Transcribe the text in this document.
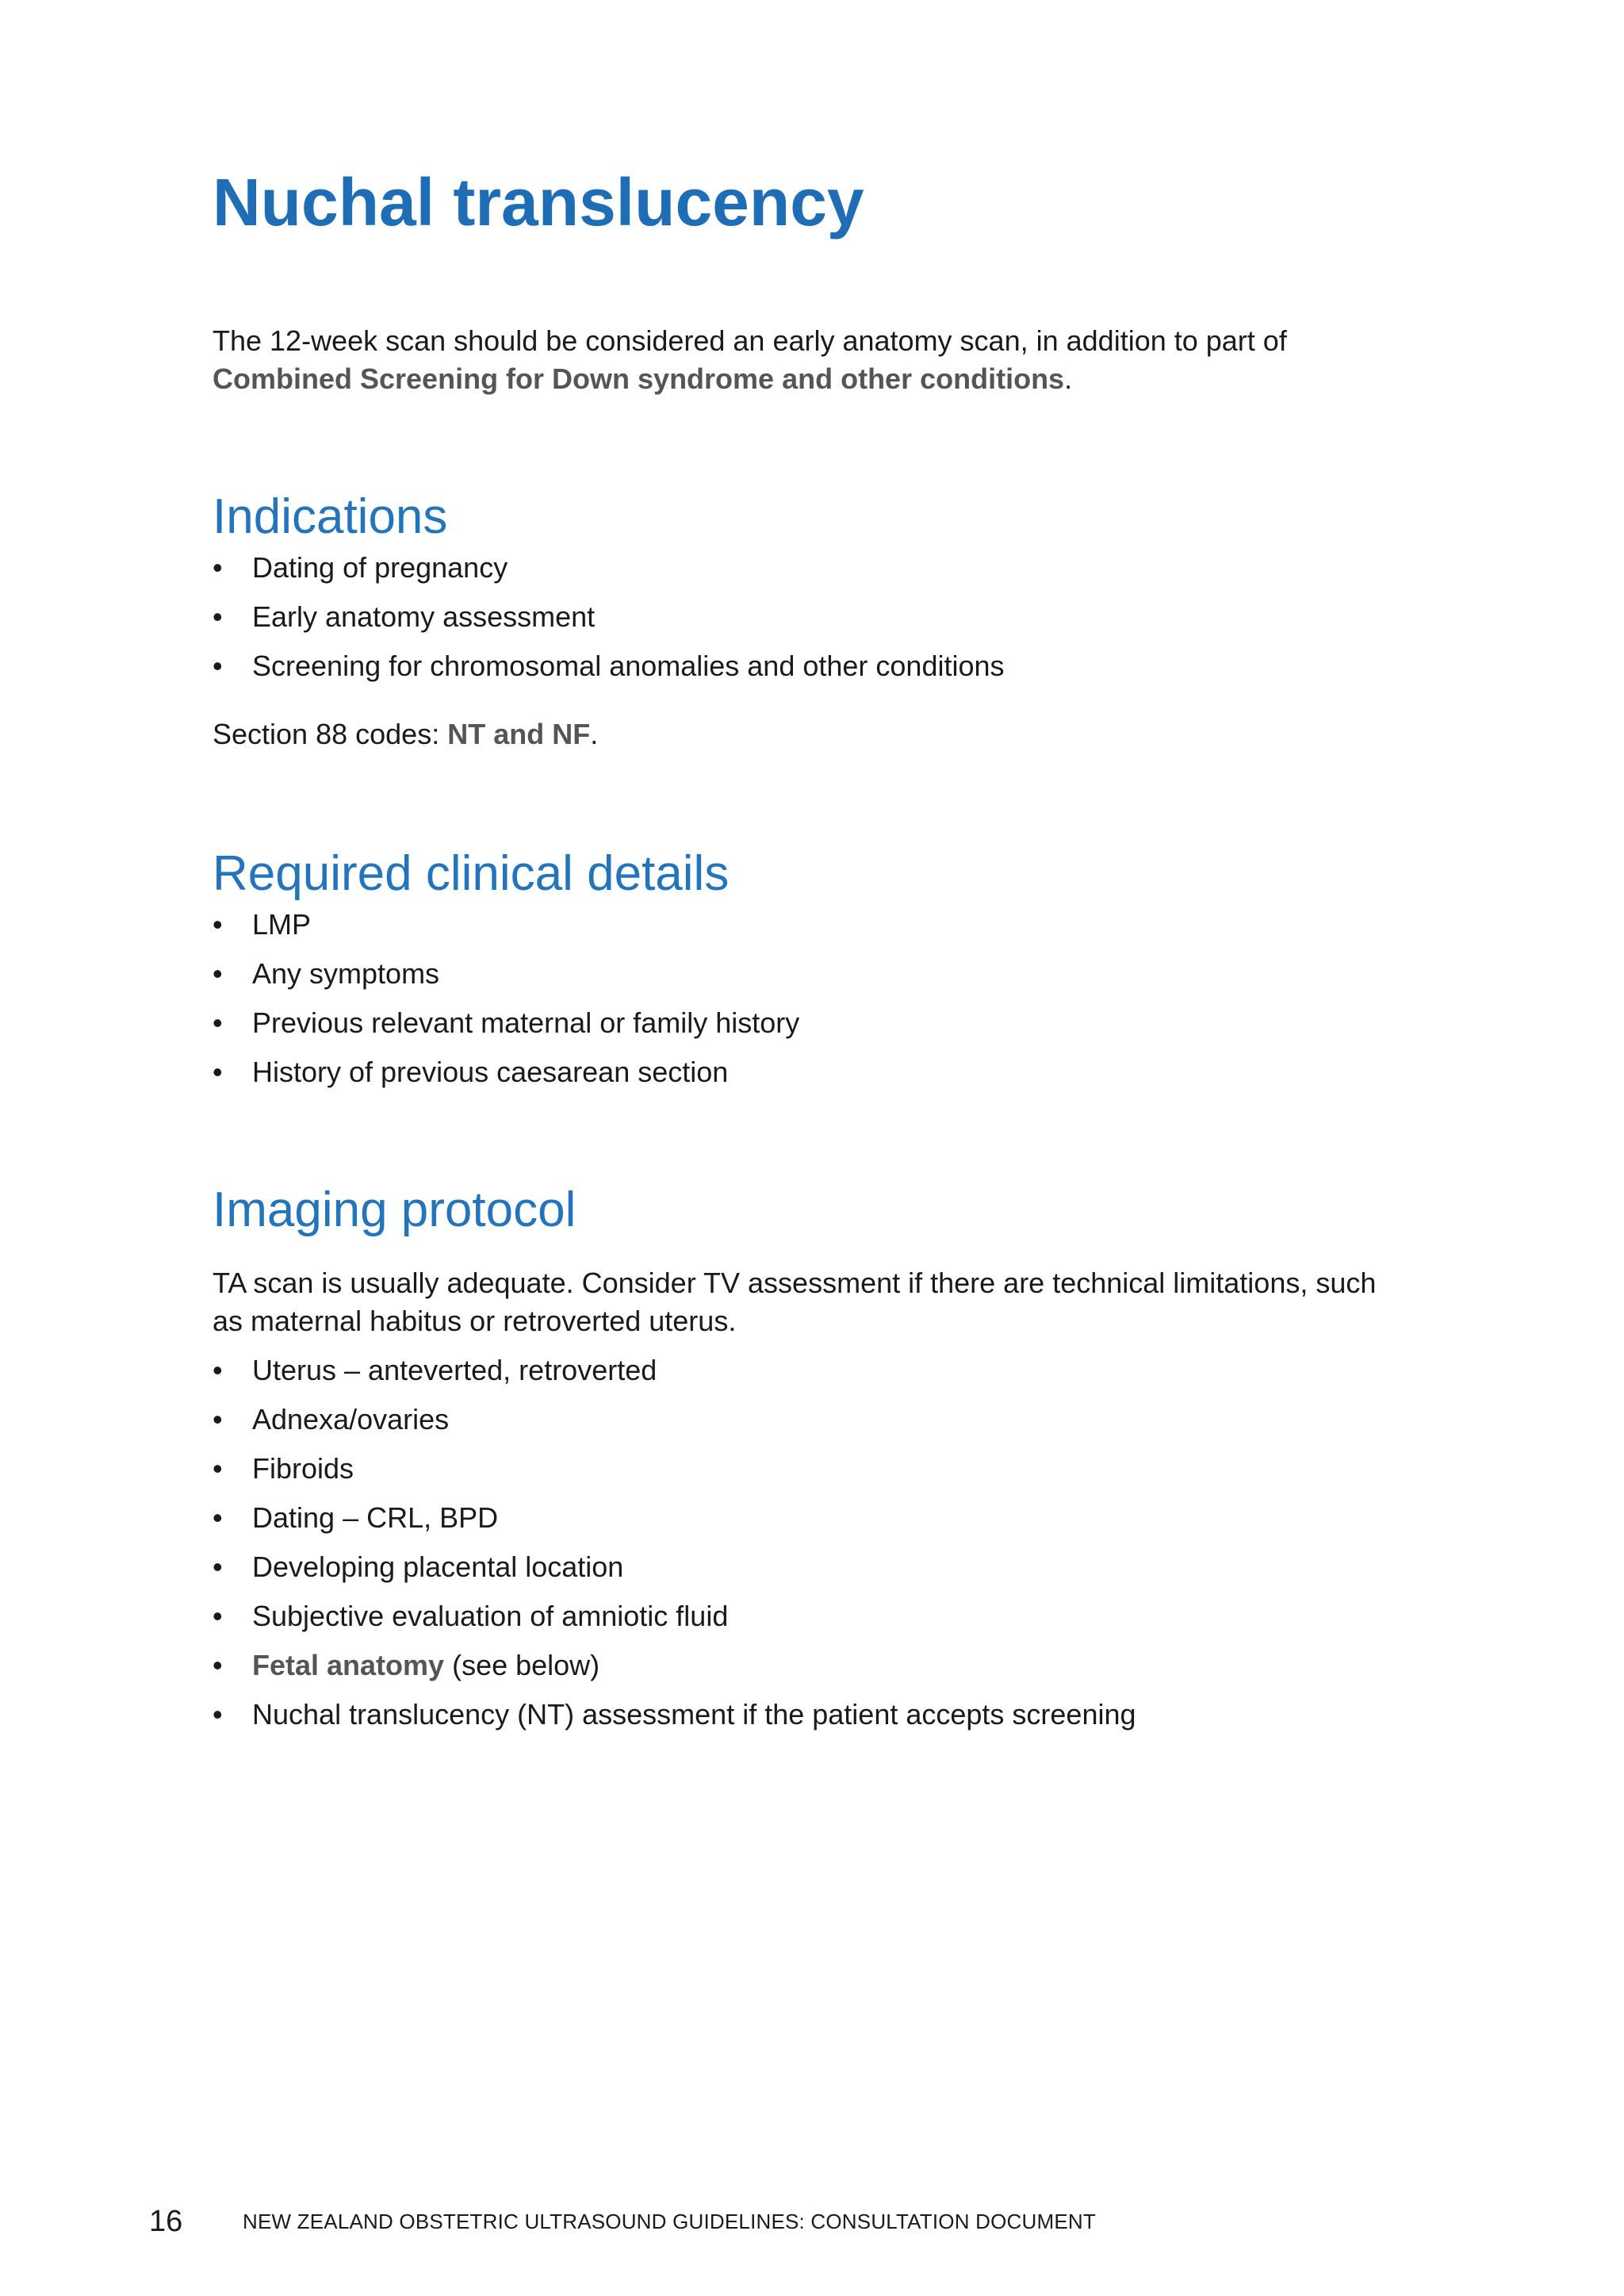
Nuchal translucency

The 12-week scan should be considered an early anatomy scan, in addition to part of Combined Screening for Down syndrome and other conditions.

Indications
•	Dating of pregnancy
•	Early anatomy assessment
•	Screening for chromosomal anomalies and other conditions

Section 88 codes: NT and NF.

Required clinical details
•	LMP
•	Any symptoms
•	Previous relevant maternal or family history
•	History of previous caesarean section
Imaging protocol

TA scan is usually adequate. Consider TV assessment if there are technical limitations, such as maternal habitus or retroverted uterus.

•	Uterus – anteverted, retroverted
•	Adnexa/ovaries
•	Fibroids
•	Dating – CRL, BPD
•	Developing placental location
•	Subjective evaluation of amniotic fluid
•	Fetal anatomy (see below)
•	Nuchal translucency (NT) assessment if the patient accepts screening
16	NEW ZEALAND OBSTETRIC ULTRASOUND GUIDELINES: CONSULTATION DOCUMENT
